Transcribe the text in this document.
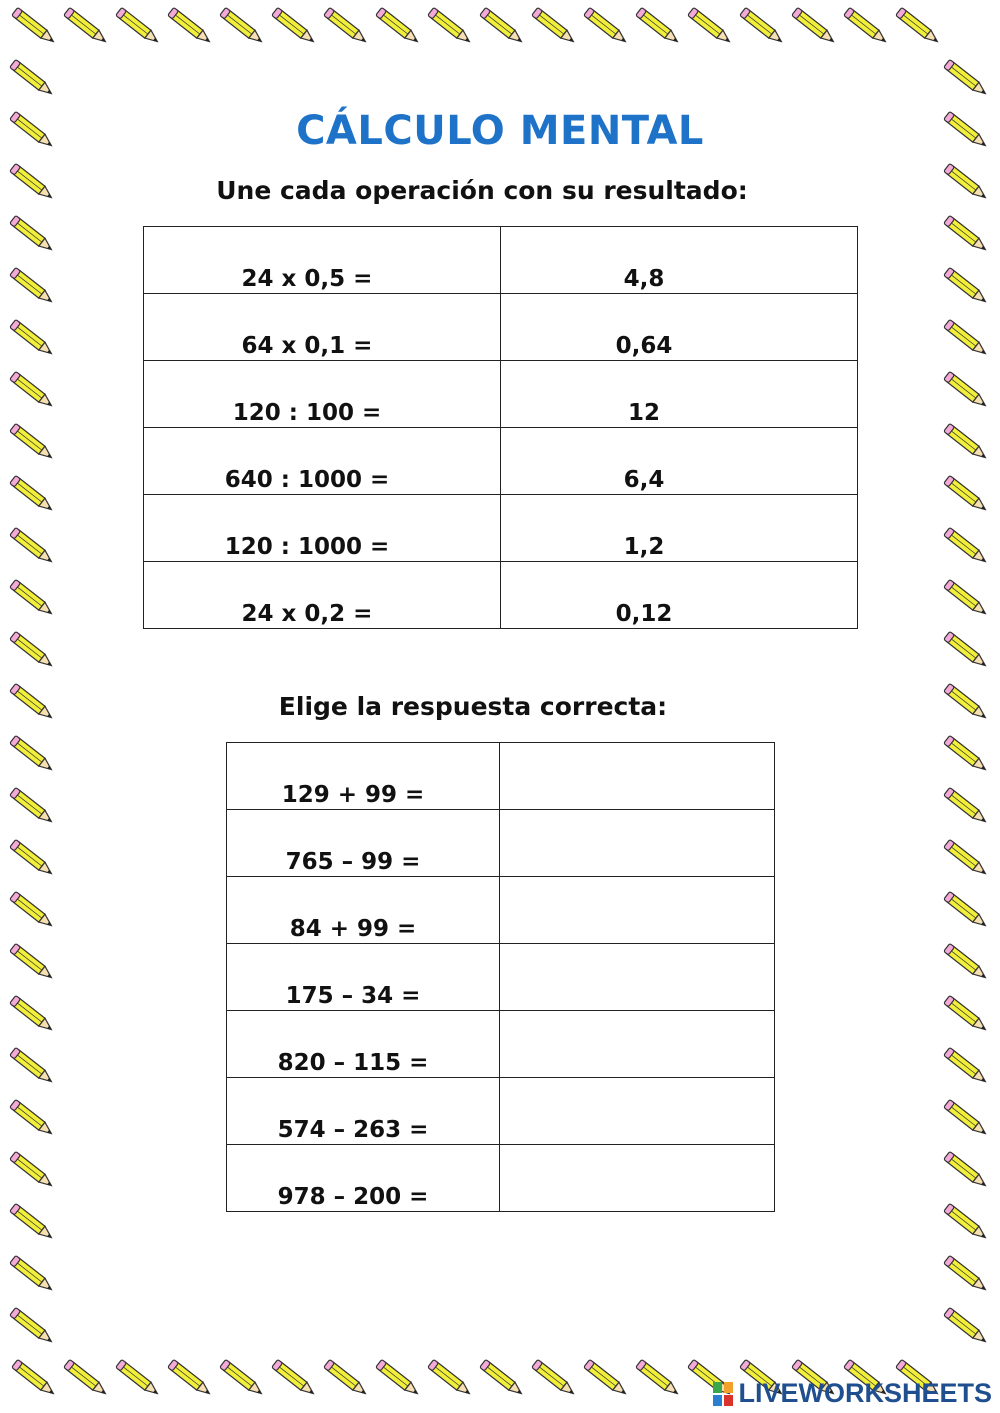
CÁLCULO MENTAL
Une cada operación con su resultado:
24 x 0,5 =	4,8

64 x 0,1 =	0,64

120 : 100 =	12

640 : 1000 =	6,4

120 : 1000 =	1,2

24 x 0,2 =	0,12
Elige la respuesta correcta:
129 + 99 =	

765 – 99 =	

84 + 99 =	

175 – 34 =	

820 – 115 =	

574 – 263 =	

978 – 200 =	

LIVEWORKSHEETS
